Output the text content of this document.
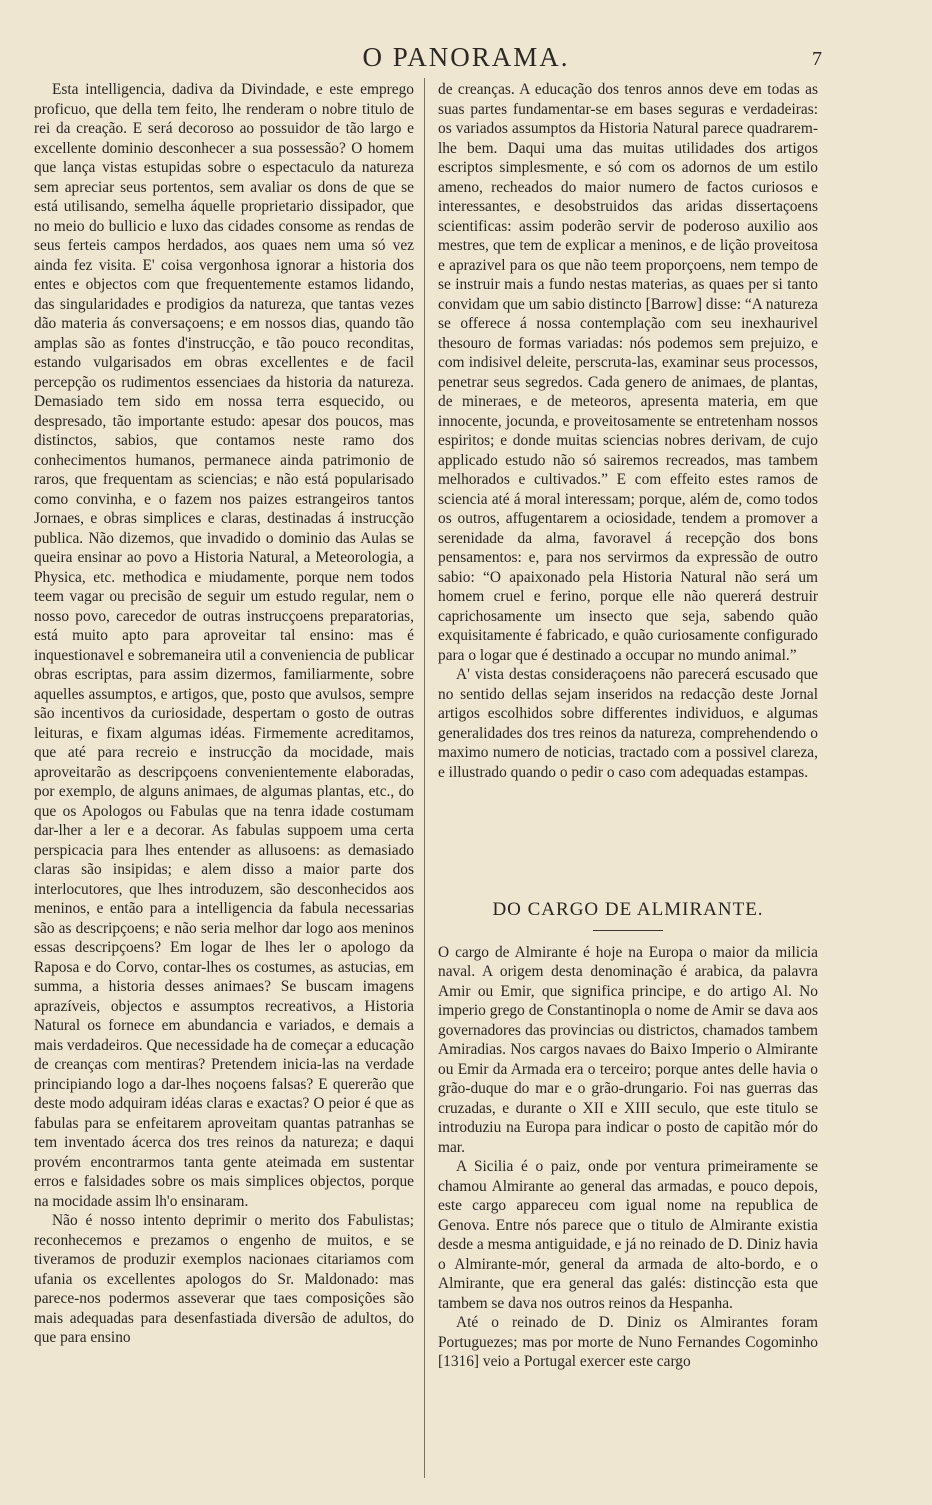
O PANORAMA.	7

Esta intelligencia, dadiva da Divindade, e este emprego proficuo, que della tem feito, lhe renderam o nobre titulo de rei da creação. E será decoroso ao possuidor de tão largo e excellente dominio desconhecer a sua possessão? O homem que lança vistas estupidas sobre o espectaculo da natureza sem apreciar seus portentos, sem avaliar os dons de que se está utilisando, semelha áquelle proprietario dissipador, que no meio do bullicio e luxo das cidades consome as rendas de seus ferteis campos herdados, aos quaes nem uma só vez ainda fez visita. E' coisa vergonhosa ignorar a historia dos entes e objectos com que frequentemente estamos lidando, das singularidades e prodigios da natureza, que tantas vezes dão materia ás conversaçoens; e em nossos dias, quando tão amplas são as fontes d'instrucção, e tão pouco reconditas, estando vulgarisados em obras excellentes e de facil percepção os rudimentos essenciaes da historia da natureza. Demasiado tem sido em nossa terra esquecido, ou despresado, tão importante estudo: apesar dos poucos, mas distinctos, sabios, que contamos neste ramo dos conhecimentos humanos, permanece ainda patrimonio de raros, que frequentam as sciencias; e não está popularisado como convinha, e o fazem nos paizes estrangeiros tantos Jornaes, e obras simplices e claras, destinadas á instrucção publica. Não dizemos, que invadido o dominio das Aulas se queira ensinar ao povo a Historia Natural, a Meteorologia, a Physica, etc. methodica e miudamente, porque nem todos teem vagar ou precisão de seguir um estudo regular, nem o nosso povo, carecedor de outras instrucçoens preparatorias, está muito apto para aproveitar tal ensino: mas é inquestionavel e sobremaneira util a conveniencia de publicar obras escriptas, para assim dizermos, familiarmente, sobre aquelles assumptos, e artigos, que, posto que avulsos, sempre são incentivos da curiosidade, despertam o gosto de outras leituras, e fixam algumas idéas. Firmemente acreditamos, que até para recreio e instrucção da mocidade, mais aproveitarão as descripçoens convenientemente elaboradas, por exemplo, de alguns animaes, de algumas plantas, etc., do que os Apologos ou Fabulas que na tenra idade costumam dar-lher a ler e a decorar. As fabulas suppoem uma certa perspicacia para lhes entender as allusoens: as demasiado claras são insipidas; e alem disso a maior parte dos interlocutores, que lhes introduzem, são desconhecidos aos meninos, e então para a intelligencia da fabula necessarias são as descripçoens; e não seria melhor dar logo aos meninos essas descripçoens? Em logar de lhes ler o apologo da Raposa e do Corvo, contar-lhes os costumes, as astucias, em summa, a historia desses animaes? Se buscam imagens aprazíveis, objectos e assumptos recreativos, a Historia Natural os fornece em abundancia e variados, e demais a mais verdadeiros. Que necessidade ha de começar a educação de creanças com mentiras? Pretendem inicia-las na verdade principiando logo a dar-lhes noçoens falsas? E quererão que deste modo adquiram idéas claras e exactas? O peior é que as fabulas para se enfeitarem aproveitam quantas patranhas se tem inventado ácerca dos tres reinos da natureza; e daqui provém encontrarmos tanta gente ateimada em sustentar erros e falsidades sobre os mais simplices objectos, porque na mocidade assim lh'o ensinaram.

Não é nosso intento deprimir o merito dos Fabulistas; reconhecemos e prezamos o engenho de muitos, e se tiveramos de produzir exemplos nacionaes citariamos com ufania os excellentes apologos do Sr. Maldonado: mas parece-nos podermos asseverar que taes composições são mais adequadas para desenfastiada diversão de adultos, do que para ensino

de creanças. A educação dos tenros annos deve em todas as suas partes fundamentar-se em bases seguras e verdadeiras: os variados assumptos da Historia Natural parece quadrarem-lhe bem. Daqui uma das muitas utilidades dos artigos escriptos simplesmente, e só com os adornos de um estilo ameno, recheados do maior numero de factos curiosos e interessantes, e desobstruidos das aridas dissertaçoens scientificas: assim poderão servir de poderoso auxilio aos mestres, que tem de explicar a meninos, e de lição proveitosa e aprazivel para os que não teem proporçoens, nem tempo de se instruir mais a fundo nestas materias, as quaes per si tanto convidam que um sabio distincto [Barrow] disse: “A natureza se offerece á nossa contemplação com seu inexhaurivel thesouro de formas variadas: nós podemos sem prejuizo, e com indisivel deleite, perscruta-las, examinar seus processos, penetrar seus segredos. Cada genero de animaes, de plantas, de mineraes, e de meteoros, apresenta materia, em que innocente, jocunda, e proveitosamente se entretenham nossos espiritos; e donde muitas sciencias nobres derivam, de cujo applicado estudo não só sairemos recreados, mas tambem melhorados e cultivados.” E com effeito estes ramos de sciencia até á moral interessam; porque, além de, como todos os outros, affugentarem a ociosidade, tendem a promover a serenidade da alma, favoravel á recepção dos bons pensamentos: e, para nos servirmos da expressão de outro sabio: “O apaixonado pela Historia Natural não será um homem cruel e ferino, porque elle não quererá destruir caprichosamente um insecto que seja, sabendo quão exquisitamente é fabricado, e quão curiosamente configurado para o logar que é destinado a occupar no mundo animal.”

A' vista destas consideraçoens não parecerá escusado que no sentido dellas sejam inseridos na redacção deste Jornal artigos escolhidos sobre differentes individuos, e algumas generalidades dos tres reinos da natureza, comprehendendo o maximo numero de noticias, tractado com a possivel clareza, e illustrado quando o pedir o caso com adequadas estampas.

DO CARGO DE ALMIRANTE.

O cargo de Almirante é hoje na Europa o maior da milicia naval. A origem desta denominação é arabica, da palavra Amir ou Emir, que significa principe, e do artigo Al. No imperio grego de Constantinopla o nome de Amir se dava aos governadores das provincias ou districtos, chamados tambem Amiradias. Nos cargos navaes do Baixo Imperio o Almirante ou Emir da Armada era o terceiro; porque antes delle havia o grão-duque do mar e o grão-drungario. Foi nas guerras das cruzadas, e durante o XII e XIII seculo, que este titulo se introduziu na Europa para indicar o posto de capitão mór do mar.

A Sicilia é o paiz, onde por ventura primeiramente se chamou Almirante ao general das armadas, e pouco depois, este cargo appareceu com igual nome na republica de Genova. Entre nós parece que o titulo de Almirante existia desde a mesma antiguidade, e já no reinado de D. Diniz havia o Almirante-mór, general da armada de alto-bordo, e o Almirante, que era general das galés: distincção esta que tambem se dava nos outros reinos da Hespanha.

Até o reinado de D. Diniz os Almirantes foram Portuguezes; mas por morte de Nuno Fernandes Cogominho [1316] veio a Portugal exercer este cargo
